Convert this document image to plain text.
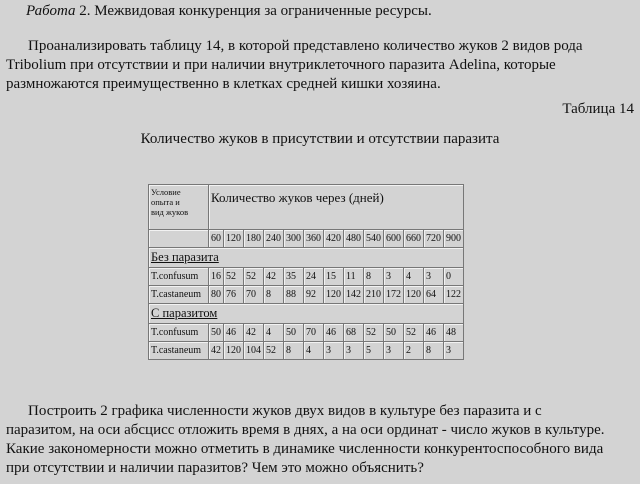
Работа 2. Межвидовая конкуренция за ограниченные ресурсы.
Проанализировать таблицу 14, в которой представлено количество жуков 2 видов рода
Tribolium при отсутствии и при наличии внутриклеточного паразита Adelina, которые
размножаются преимущественно в клетках средней кишки хозяина.
Таблица 14
Количество жуков в присутствии и отсутствии паразита
Условие
опыта и
вид жуков	Количество жуков через (дней)												
	60	120	180	240	300	360	420	480	540	600	660	720	900
Без паразита													
T.confusum	16	52	52	42	35	24	15	11	8	3	4	3	0
T.castaneum	80	76	70	8	88	92	120	142	210	172	120	64	122
С паразитом													
T.confusum	50	46	42	4	50	70	46	68	52	50	52	46	48
T.castaneum	42	120	104	52	8	4	3	3	5	3	2	8	3
Построить 2 графика численности жуков двух видов в культуре без паразита и с
паразитом, на оси абсцисс отложить время в днях, а на оси ординат - число жуков в культуре.
Какие закономерности можно отметить в динамике численности конкурентоспособного вида
при отсутствии и наличии паразитов? Чем это можно объяснить?
